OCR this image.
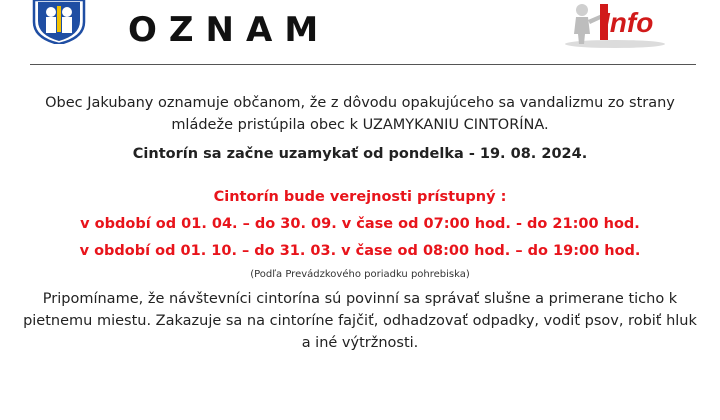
OZNAM	Info
Obec Jakubany oznamuje občanom, že z dôvodu opakujúceho sa vandalizmu zo strany mládeže pristúpila obec k UZAMYKANIU CINTORÍNA.
Cintorín sa začne uzamykať od pondelka - 19. 08. 2024.
Cintorín bude verejnosti prístupný :
v období od 01. 04. – do 30. 09. v čase od 07:00 hod. - do 21:00 hod.
v období od 01. 10. – do 31. 03. v čase od 08:00 hod. – do 19:00 hod.
(Podľa Prevádzkového poriadku pohrebiska)
Pripomíname, že návštevníci cintorína sú povinní sa správať slušne a primerane ticho k pietnemu miestu. Zakazuje sa na cintoríne fajčiť, odhadzovať odpadky, vodiť psov, robiť hluk a iné výtržnosti.
